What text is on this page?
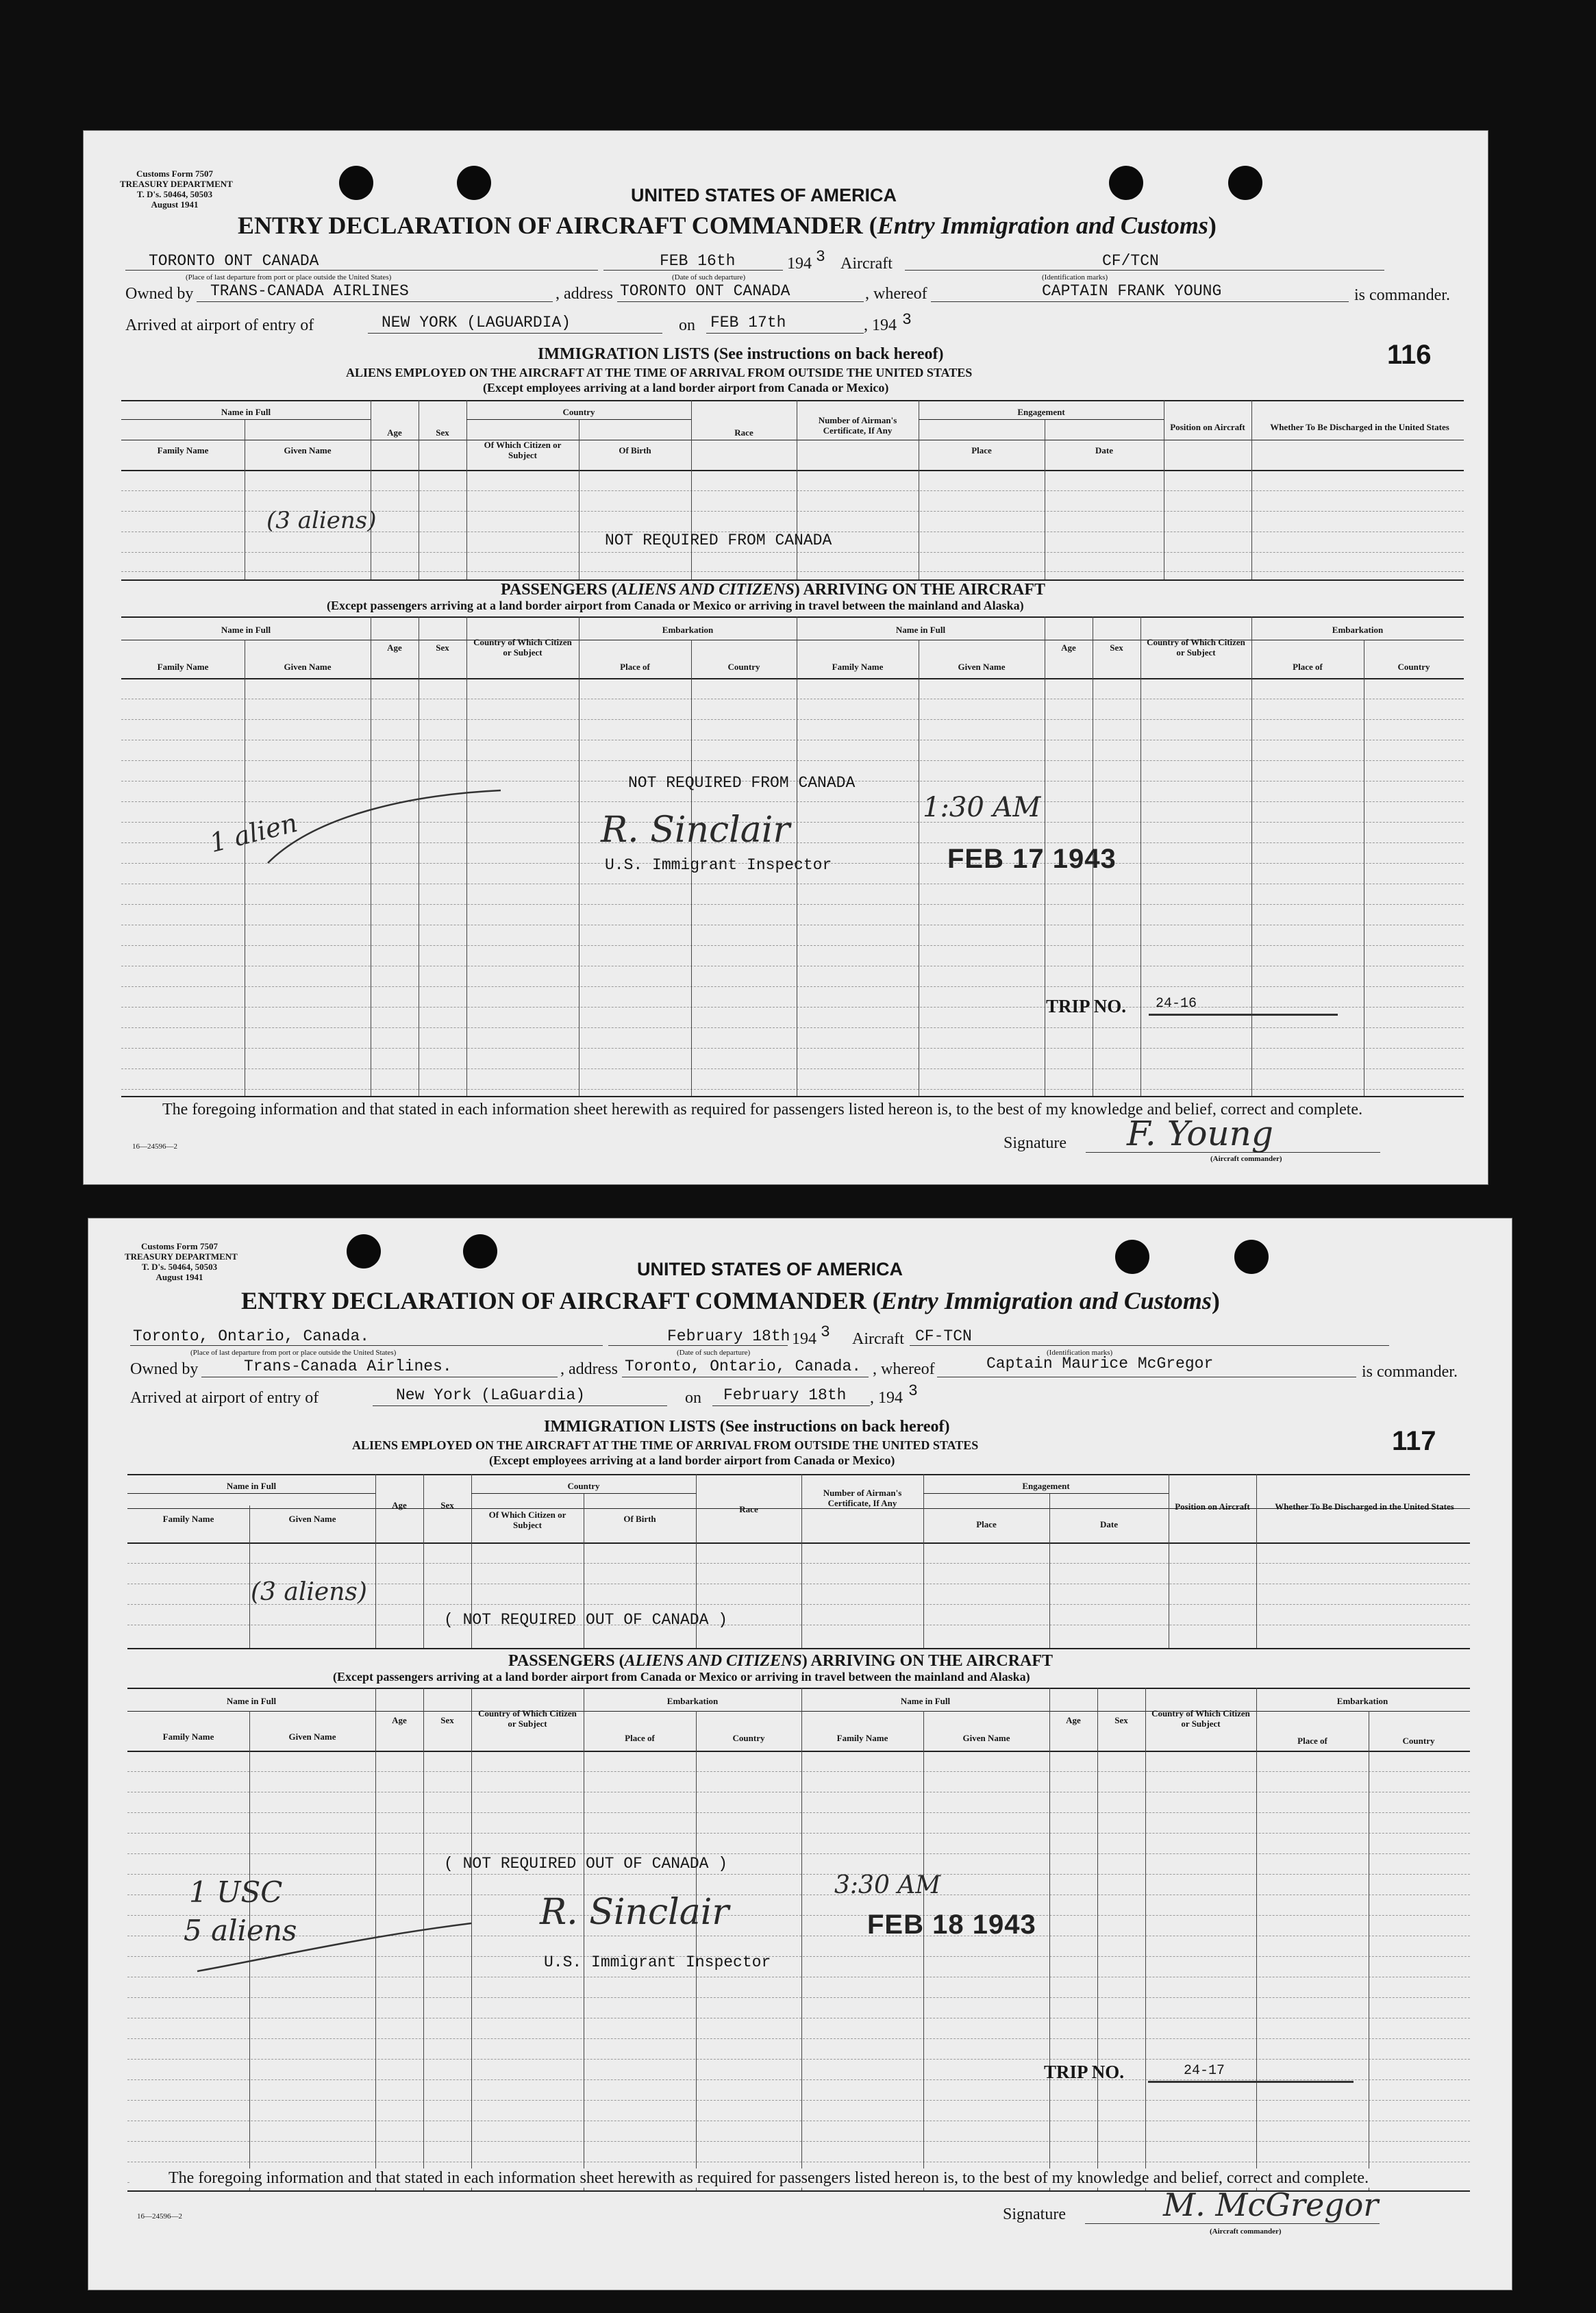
Customs Form 7507
TREASURY DEPARTMENT
T. D's. 50464, 50503
August 1941	UNITED STATES OF AMERICA
ENTRY DECLARATION OF AIRCRAFT COMMANDER (Entry Immigration and Customs)
TORONTO ONT CANADA
(Place of last departure from port or place outside the United States)
FEB 16th
(Date of such departure)
194 3 Aircraft	CF/TCN
(Identification marks)
Owned by TRANS-CANADA AIRLINES	, address TORONTO ONT CANADA	, whereof	CAPTAIN FRANK YOUNG	is commander.
Arrived at airport of entry of	NEW YORK (LAGUARDIA)	on FEB 17th	, 194 3
IMMIGRATION LISTS (See instructions on back hereof)
ALIENS EMPLOYED ON THE AIRCRAFT AT THE TIME OF ARRIVAL FROM OUTSIDE THE UNITED STATES
(Except employees arriving at a land border airport from Canada or Mexico)
116
Name in Full
Family Name	Given Name
Age	Sex
Country
Of Which Citizen or Subject	Of Birth
Race
Number of Airman's Certificate, If Any
Engagement
Place	Date
Position on Aircraft	Whether To Be Discharged in the United States
(3 aliens)
NOT REQUIRED FROM CANADA
PASSENGERS (ALIENS AND CITIZENS) ARRIVING ON THE AIRCRAFT
(Except passengers arriving at a land border airport from Canada or Mexico or arriving in travel between the mainland and Alaska)
Name in Full
Family Name	Given Name
Age	Sex
Country of Which Citizen or Subject
Embarkation
Place of	Country
Name in Full
Family Name	Given Name
Age	Sex
Country of Which Citizen or Subject
Embarkation
Place of	Country
NOT REQUIRED FROM CANADA
1 alien	R. Sinclair
1:30 AM
U.S. Immigrant Inspector	FEB 17 1943
TRIP NO. 24-16
The foregoing information and that stated in each information sheet herewith as required for passengers listed hereon is, to the best of my knowledge and belief, correct and complete.
16—24596—2	Signature F. Young
(Aircraft commander)
Customs Form 7507
TREASURY DEPARTMENT
T. D's. 50464, 50503
August 1941	UNITED STATES OF AMERICA
ENTRY DECLARATION OF AIRCRAFT COMMANDER (Entry Immigration and Customs)
Toronto, Ontario, Canada.
(Place of last departure from port or place outside the United States)
February 18th
(Date of such departure)
194 3 Aircraft CF-TCN
(Identification marks)
Owned by	Trans-Canada Airlines.	, address Toronto, Ontario, Canada. , whereof	Captain Maurice McGregor	is commander.
Arrived at airport of entry of	New York (LaGuardia)	on February 18th , 194 3
IMMIGRATION LISTS (See instructions on back hereof)
ALIENS EMPLOYED ON THE AIRCRAFT AT THE TIME OF ARRIVAL FROM OUTSIDE THE UNITED STATES
(Except employees arriving at a land border airport from Canada or Mexico)
117
Name in Full
Family Name	Given Name
Age	Sex
Country
Of Which Citizen or Subject
Of Birth
Race
Number of Airman's Certificate, If Any
Engagement
Place	Date
Position on Aircraft	Whether To Be Discharged in the United States
(3 aliens)
( NOT REQUIRED OUT OF CANADA )
PASSENGERS (ALIENS AND CITIZENS) ARRIVING ON THE AIRCRAFT
(Except passengers arriving at a land border airport from Canada or Mexico or arriving in travel between the mainland and Alaska)
Name in Full
Family Name	Given Name
Age	Sex
Country of Which Citizen or Subject
Embarkation
Place of	Country
Name in Full
Family Name	Given Name
Age	Sex
Country of Which Citizen or Subject
Embarkation
Place of	Country
( NOT REQUIRED OUT OF CANADA )
1 USC
5 aliens	R. Sinclair
3:30 AM
U.S. Immigrant Inspector
FEB 18 1943
TRIP NO.	24-17
The foregoing information and that stated in each information sheet herewith as required for passengers listed hereon is, to the best of my knowledge and belief, correct and complete.
16—24596—2	Signature	M. McGregor
(Aircraft commander)
